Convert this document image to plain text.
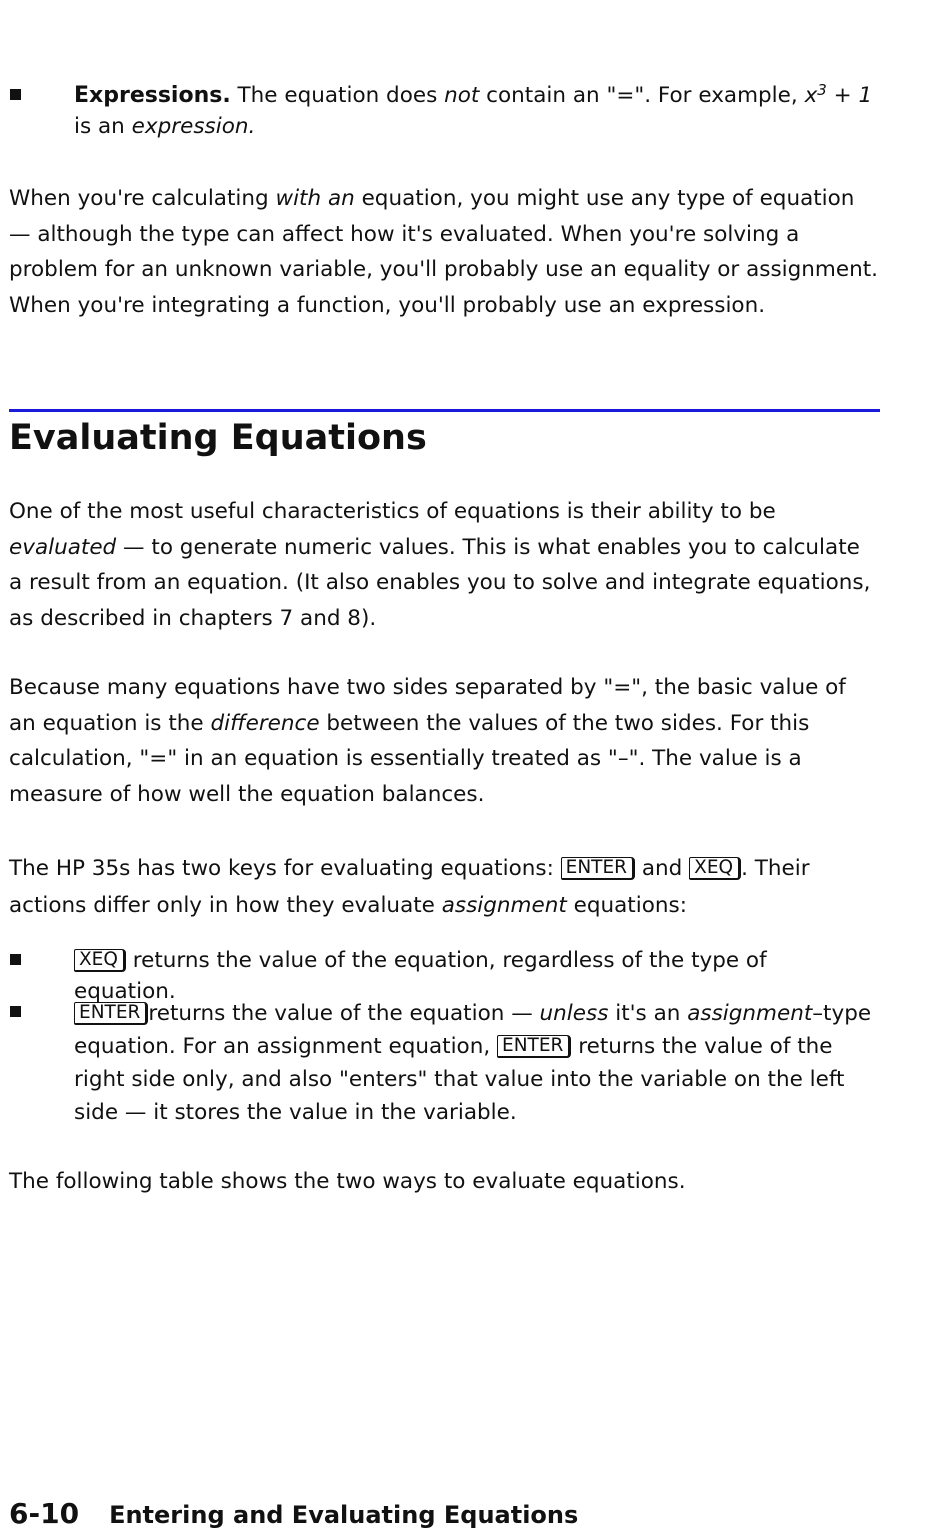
Expressions. The equation does not contain an "=". For example, $x^3 + 1$
is an expression.

When you're calculating with an equation, you might use any type of equation — although the type can affect how it's evaluated. When you're solving a problem for an unknown variable, you'll probably use an equality or assignment. When you're integrating a function, you'll probably use an expression.

Evaluating Equations

One of the most useful characteristics of equations is their ability to be evaluated — to generate numeric values. This is what enables you to calculate a result from an equation. (It also enables you to solve and integrate equations, as described in chapters 7 and 8).

Because many equations have two sides separated by "=", the basic value of an equation is the difference between the values of the two sides. For this calculation, "=" in an equation is essentially treated as "–". The value is a measure of how well the equation balances.

The HP 35s has two keys for evaluating equations: ENTER and XEQ . Their actions differ only in how they evaluate assignment equations:

XEQ returns the value of the equation, regardless of the type of equation.
ENTER returns the value of the equation — unless it's an assignment–type equation. For an assignment equation, ENTER returns the value of the right side only, and also "enters" that value into the variable on the left side — it stores the value in the variable.

The following table shows the two ways to evaluate equations.

6-10 Entering and Evaluating Equations
